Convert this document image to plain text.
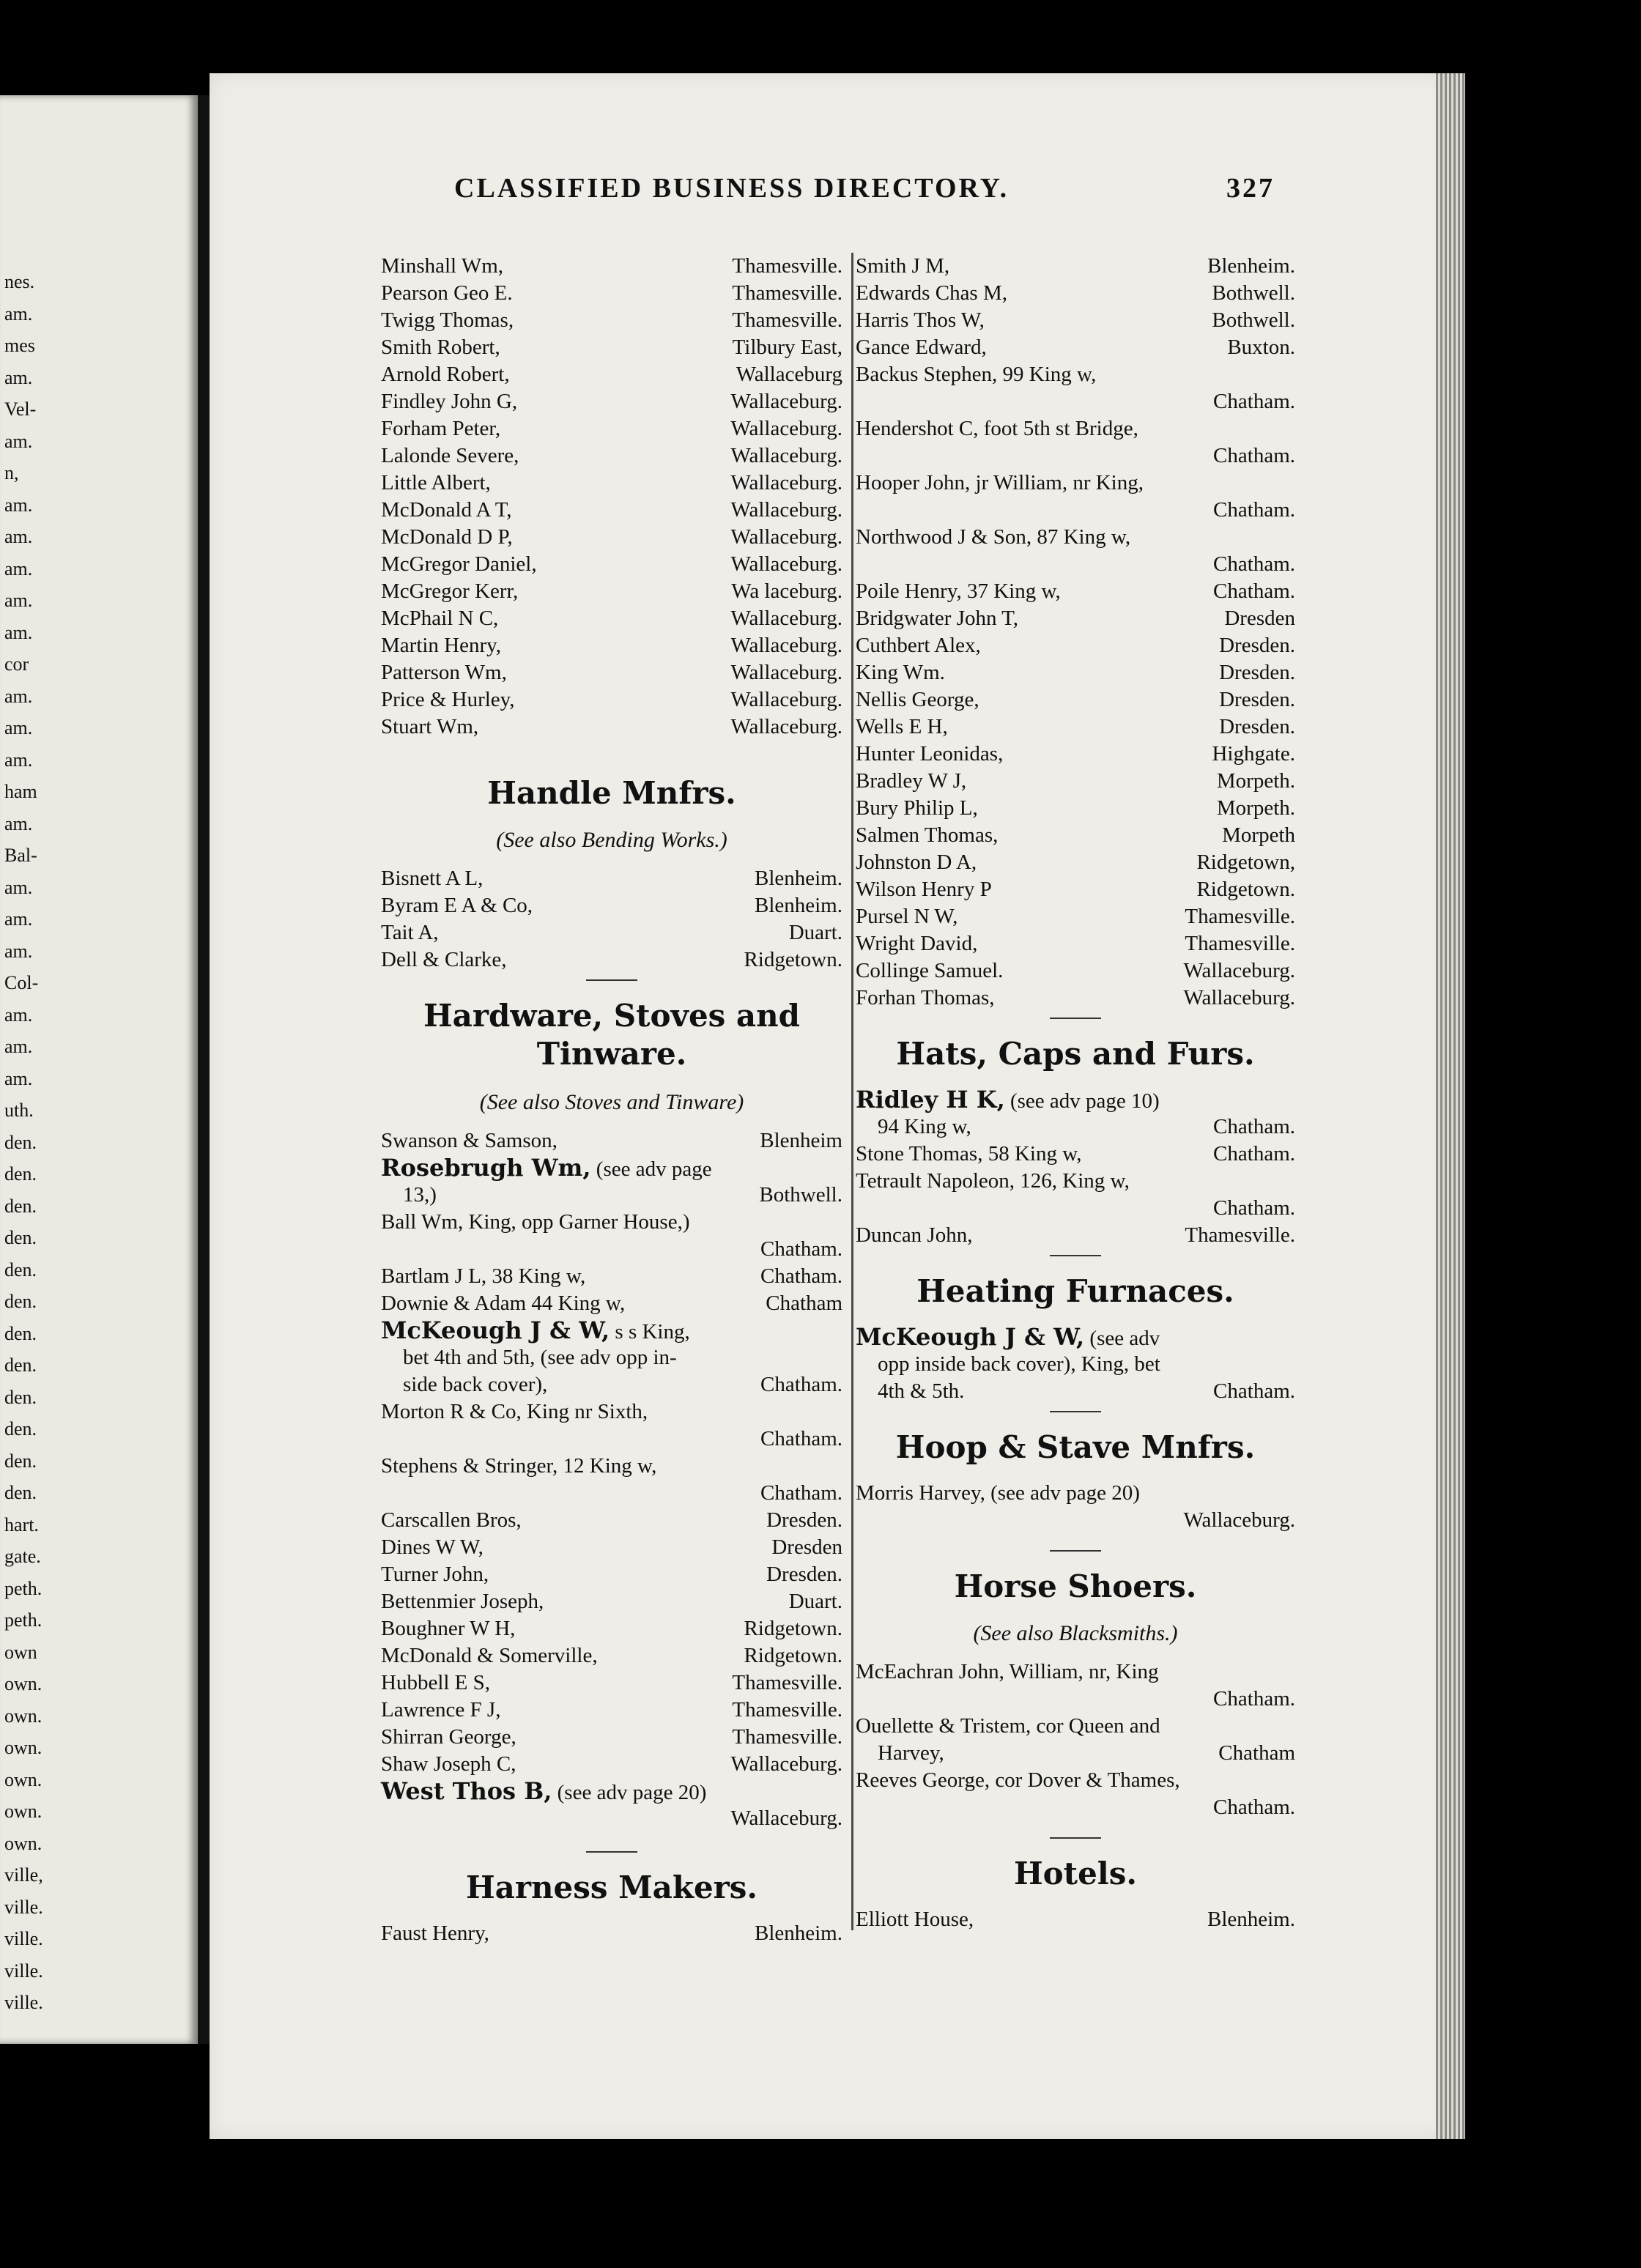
nes.
am.
mes
am.
Vel-
am.
n,
am.
am.
am.
am.
am.
cor
am.
am.
am.
ham
am.
Bal-
am.
am.
am.
Col-
am.
am.
am.
uth.
den.
den.
den.
den.
den.
den.
den.
den.
den.
den.
den.
den.
hart.
gate.
peth.
peth.
own
own.
own.
own.
own.
own.
own.
ville,
ville.
ville.
ville.
ville.
CLASSIFIED BUSINESS DIRECTORY.	327
Minshall Wm,	Thamesville.
Pearson Geo E.	Thamesville.
Twigg Thomas,	Thamesville.
Smith Robert,	Tilbury East,
Arnold Robert,	Wallaceburg
Findley John G,	Wallaceburg.
Forham Peter,	Wallaceburg.
Lalonde Severe,	Wallaceburg.
Little Albert,	Wallaceburg.
McDonald A T,	Wallaceburg.
McDonald D P,	Wallaceburg.
McGregor Daniel,	Wallaceburg.
McGregor Kerr,	Wa laceburg.
McPhail N C,	Wallaceburg.
Martin Henry,	Wallaceburg.
Patterson Wm,	Wallaceburg.
Price & Hurley,	Wallaceburg.
Stuart Wm,	Wallaceburg.
Handle Mnfrs.
(See also Bending Works.)
Bisnett A L,	Blenheim.
Byram E A & Co,	Blenheim.
Tait A,	Duart.
Dell & Clarke,	Ridgetown.
Hardware, Stoves and
Tinware.
(See also Stoves and Tinware)
Swanson & Samson,	Blenheim
Rosebrugh Wm, (see adv page
13,)	Bothwell.
Ball Wm, King, opp Garner House,)
Chatham.
Bartlam J L, 38 King w,	Chatham.
Downie & Adam 44 King w,	Chatham
McKeough J & W, s s King,
bet 4th and 5th, (see adv opp in-
side back cover),	Chatham.
Morton R & Co, King nr Sixth,
Chatham.
Stephens & Stringer, 12 King w,
Chatham.
Carscallen Bros,	Dresden.
Dines W W,	Dresden
Turner John,	Dresden.
Bettenmier Joseph,	Duart.
Boughner W H,	Ridgetown.
McDonald & Somerville,	Ridgetown.
Hubbell E S,	Thamesville.
Lawrence F J,	Thamesville.
Shirran George,	Thamesville.
Shaw Joseph C,	Wallaceburg.
West Thos B, (see adv page 20)
Wallaceburg.
Harness Makers.
Faust Henry,	Blenheim.
Smith J M,	Blenheim.
Edwards Chas M,	Bothwell.
Harris Thos W,	Bothwell.
Gance Edward,	Buxton.
Backus Stephen, 99 King w,
Chatham.
Hendershot C, foot 5th st Bridge,
Chatham.
Hooper John, jr William, nr King,
Chatham.
Northwood J & Son, 87 King w,
Chatham.
Poile Henry, 37 King w,	Chatham.
Bridgwater John T,	Dresden
Cuthbert Alex,	Dresden.
King Wm.	Dresden.
Nellis George,	Dresden.
Wells E H,	Dresden.
Hunter Leonidas,	Highgate.
Bradley W J,	Morpeth.
Bury Philip L,	Morpeth.
Salmen Thomas,	Morpeth
Johnston D A,	Ridgetown,
Wilson Henry P	Ridgetown.
Pursel N W,	Thamesville.
Wright David,	Thamesville.
Collinge Samuel.	Wallaceburg.
Forhan Thomas,	Wallaceburg.
Hats, Caps and Furs.
Ridley H K, (see adv page 10)
94 King w,	Chatham.
Stone Thomas, 58 King w,	Chatham.
Tetrault Napoleon, 126, King w,
Chatham.
Duncan John,	Thamesville.
Heating Furnaces.
McKeough J & W, (see adv
opp inside back cover), King, bet
4th & 5th.	Chatham.
Hoop & Stave Mnfrs.
Morris Harvey, (see adv page 20)
Wallaceburg.
Horse Shoers.
(See also Blacksmiths.)
McEachran John, William, nr, King
Chatham.
Ouellette & Tristem, cor Queen and
Harvey,	Chatham
Reeves George, cor Dover & Thames,
Chatham.
Hotels.
Elliott House,	Blenheim.
